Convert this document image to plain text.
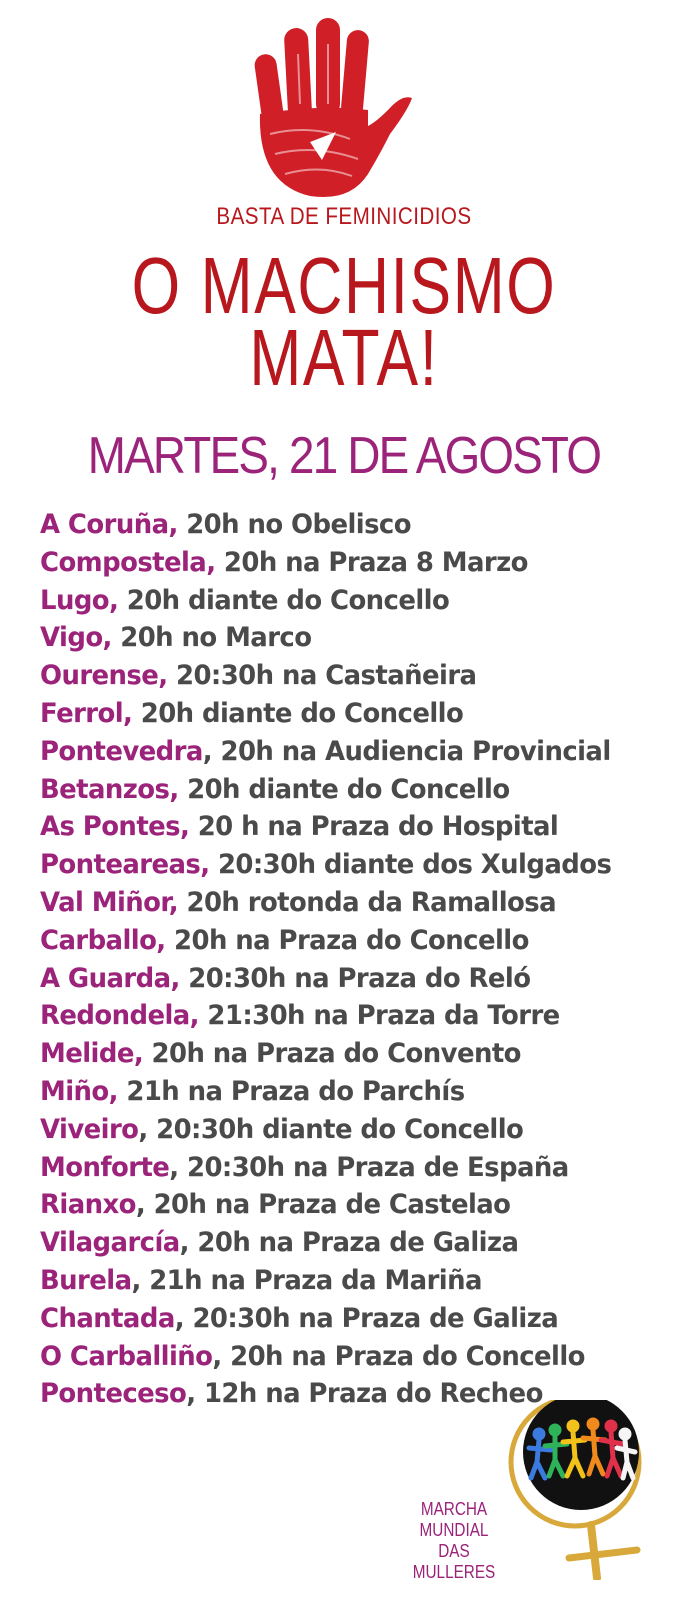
BASTA DE FEMINICIDIOS
O MACHISMO
MATA!
MARTES, 21 DE AGOSTO
A Coruña, 20h no Obelisco
Compostela, 20h na Praza 8 Marzo
Lugo, 20h diante do Concello
Vigo, 20h no Marco
Ourense, 20:30h na Castañeira
Ferrol, 20h diante do Concello
Pontevedra, 20h na Audiencia Provincial
Betanzos, 20h diante do Concello
As Pontes, 20 h na Praza do Hospital
Ponteareas, 20:30h diante dos Xulgados
Val Miñor, 20h rotonda da Ramallosa
Carballo, 20h na Praza do Concello
A Guarda, 20:30h na Praza do Reló
Redondela, 21:30h na Praza da Torre
Melide, 20h na Praza do Convento
Miño, 21h na Praza do Parchís
Viveiro, 20:30h diante do Concello
Monforte, 20:30h na Praza de España
Rianxo, 20h na Praza de Castelao
Vilagarcía, 20h na Praza de Galiza
Burela, 21h na Praza da Mariña
Chantada, 20:30h na Praza de Galiza
O Carballiño, 20h na Praza do Concello
Ponteceso, 12h na Praza do Recheo
MARCHA
MUNDIAL
DAS MULLERES
